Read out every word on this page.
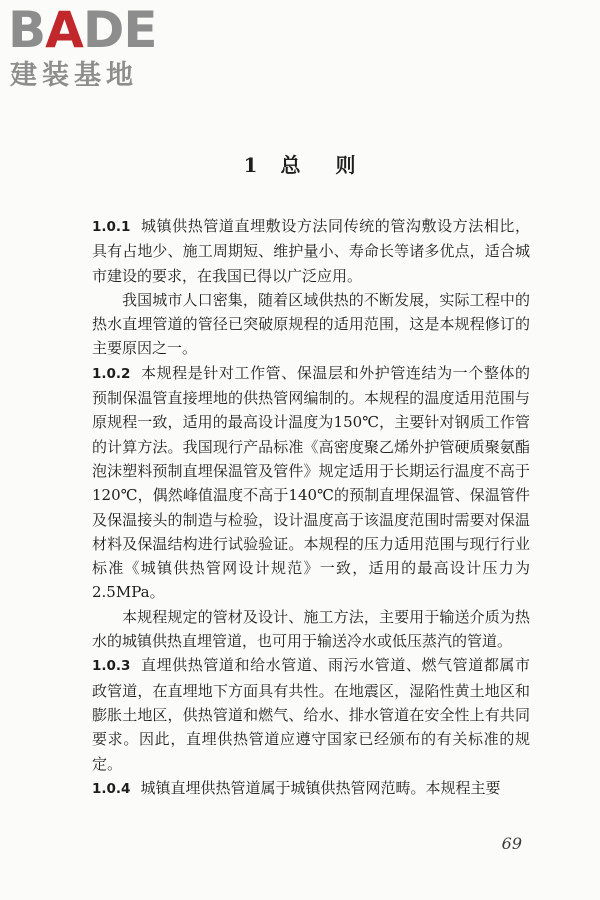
BADE
建装基地
1 总 则

1.0.1 城镇供热管道直埋敷设方法同传统的管沟敷设方法相比，具有占地少、施工周期短、维护量小、寿命长等诸多优点，适合城市建设的要求，在我国已得以广泛应用。

我国城市人口密集，随着区域供热的不断发展，实际工程中的热水直埋管道的管径已突破原规程的适用范围，这是本规程修订的主要原因之一。

1.0.2 本规程是针对工作管、保温层和外护管连结为一个整体的预制保温管直接埋地的供热管网编制的。本规程的温度适用范围与原规程一致，适用的最高设计温度为150℃，主要针对钢质工作管的计算方法。我国现行产品标准《高密度聚乙烯外护管硬质聚氨酯泡沫塑料预制直埋保温管及管件》规定适用于长期运行温度不高于120℃，偶然峰值温度不高于140℃的预制直埋保温管、保温管件及保温接头的制造与检验，设计温度高于该温度范围时需要对保温材料及保温结构进行试验验证。本规程的压力适用范围与现行行业标准《城镇供热管网设计规范》一致，适用的最高设计压力为2.5MPa。

本规程规定的管材及设计、施工方法，主要用于输送介质为热水的城镇供热直埋管道，也可用于输送冷水或低压蒸汽的管道。

1.0.3 直埋供热管道和给水管道、雨污水管道、燃气管道都属市政管道，在直埋地下方面具有共性。在地震区，湿陷性黄土地区和膨胀土地区，供热管道和燃气、给水、排水管道在安全性上有共同要求。因此，直埋供热管道应遵守国家已经颁布的有关标准的规定。

1.0.4 城镇直埋供热管道属于城镇供热管网范畴。本规程主要

69
